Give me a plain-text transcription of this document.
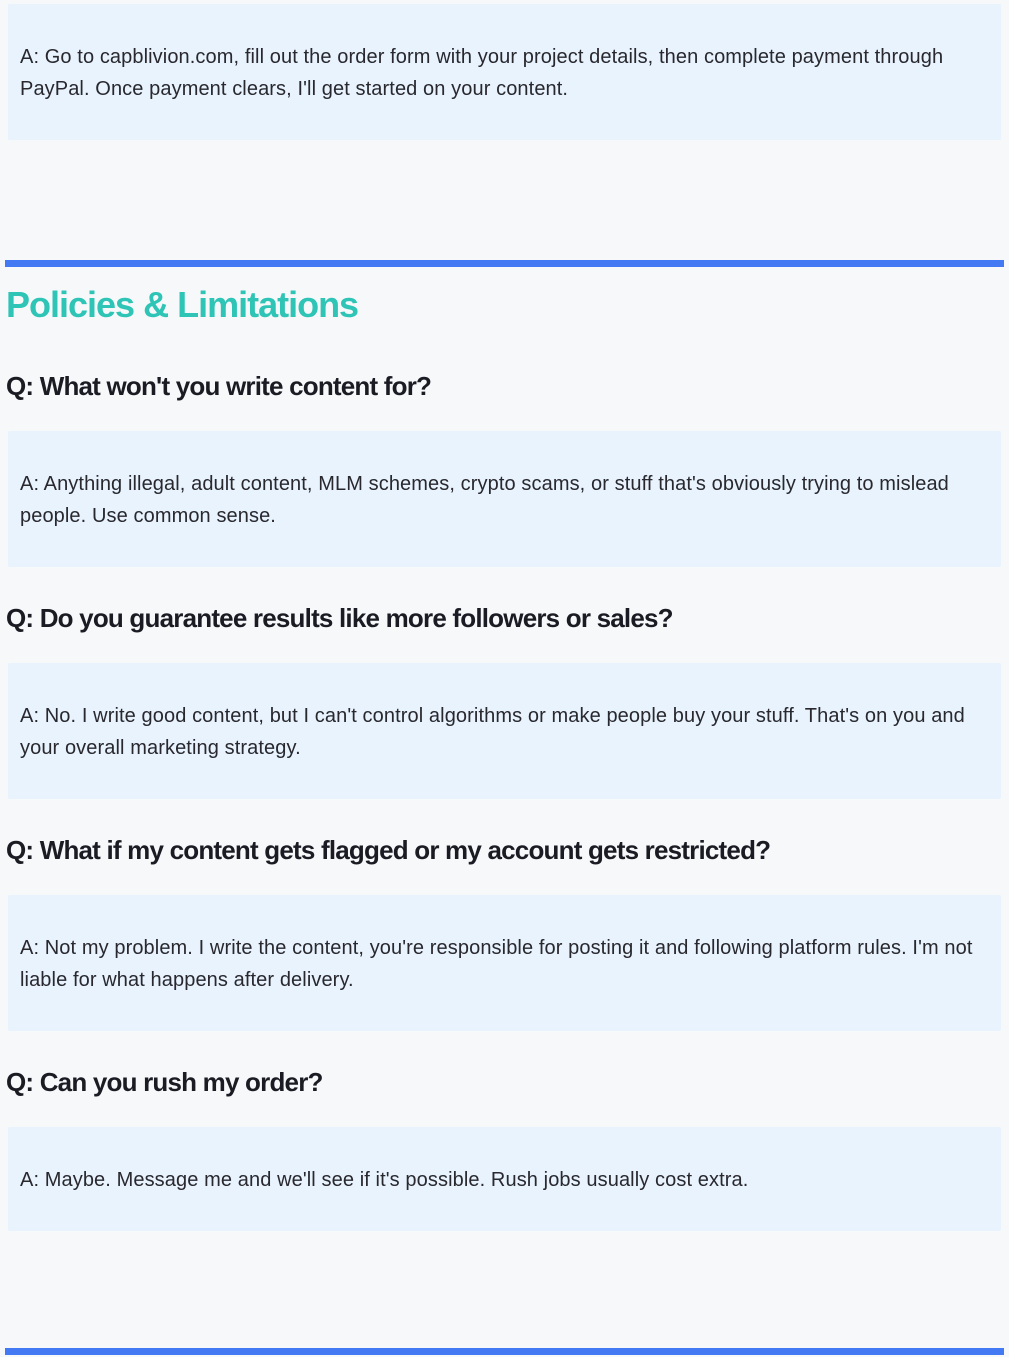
A: Go to capblivion.com, fill out the order form with your project details, then complete payment through PayPal. Once payment clears, I'll get started on your content.
Policies & Limitations
Q: What won't you write content for?
A: Anything illegal, adult content, MLM schemes, crypto scams, or stuff that's obviously trying to mislead people. Use common sense.
Q: Do you guarantee results like more followers or sales?
A: No. I write good content, but I can't control algorithms or make people buy your stuff. That's on you and your overall marketing strategy.
Q: What if my content gets flagged or my account gets restricted?
A: Not my problem. I write the content, you're responsible for posting it and following platform rules. I'm not liable for what happens after delivery.
Q: Can you rush my order?
A: Maybe. Message me and we'll see if it's possible. Rush jobs usually cost extra.
